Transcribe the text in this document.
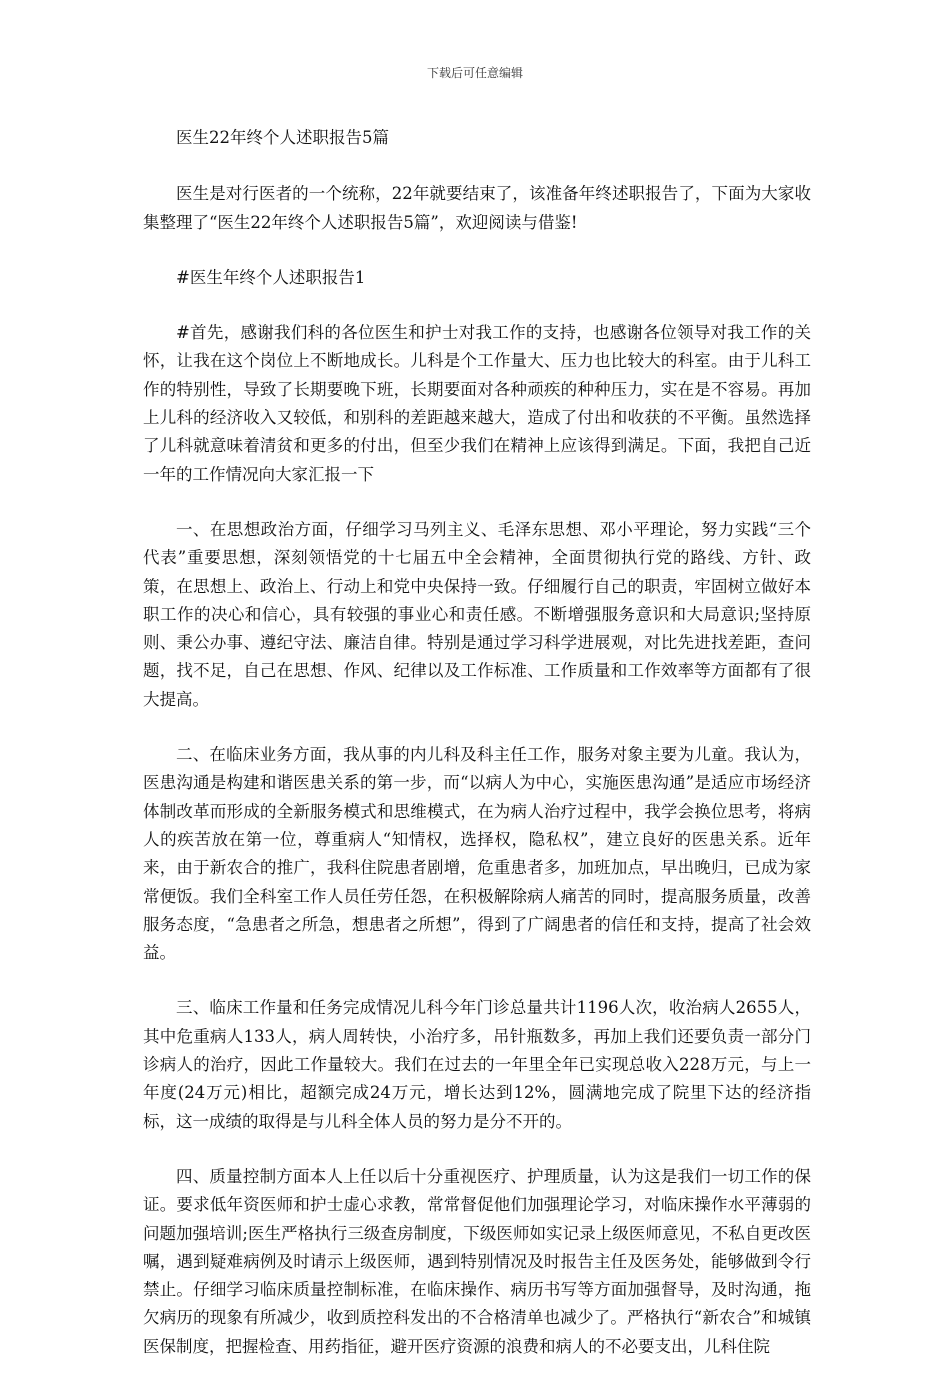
下载后可任意编辑

医生22年终个人述职报告5篇

医生是对行医者的一个统称，22年就要结束了，该准备年终述职报告了，下面为大家收集整理了“医生22年终个人述职报告5篇”，欢迎阅读与借鉴!

#医生年终个人述职报告1

#首先，感谢我们科的各位医生和护士对我工作的支持，也感谢各位领导对我工作的关怀，让我在这个岗位上不断地成长。儿科是个工作量大、压力也比较大的科室。由于儿科工作的特别性，导致了长期要晚下班，长期要面对各种顽疾的种种压力，实在是不容易。再加上儿科的经济收入又较低，和别科的差距越来越大，造成了付出和收获的不平衡。虽然选择了儿科就意味着清贫和更多的付出，但至少我们在精神上应该得到满足。下面，我把自己近一年的工作情况向大家汇报一下

一、在思想政治方面，仔细学习马列主义、毛泽东思想、邓小平理论，努力实践“三个代表”重要思想，深刻领悟党的十七届五中全会精神，全面贯彻执行党的路线、方针、政策，在思想上、政治上、行动上和党中央保持一致。仔细履行自己的职责，牢固树立做好本职工作的决心和信心，具有较强的事业心和责任感。不断增强服务意识和大局意识;坚持原则、秉公办事、遵纪守法、廉洁自律。特别是通过学习科学进展观，对比先进找差距，查问题，找不足，自己在思想、作风、纪律以及工作标准、工作质量和工作效率等方面都有了很大提高。

二、在临床业务方面，我从事的内儿科及科主任工作，服务对象主要为儿童。我认为，医患沟通是构建和谐医患关系的第一步，而“以病人为中心，实施医患沟通”是适应市场经济体制改革而形成的全新服务模式和思维模式，在为病人治疗过程中，我学会换位思考，将病人的疾苦放在第一位，尊重病人“知情权，选择权，隐私权”，建立良好的医患关系。近年来，由于新农合的推广，我科住院患者剧增，危重患者多，加班加点，早出晚归，已成为家常便饭。我们全科室工作人员任劳任怨，在积极解除病人痛苦的同时，提高服务质量，改善服务态度，“急患者之所急，想患者之所想”，得到了广阔患者的信任和支持，提高了社会效益。

三、临床工作量和任务完成情况儿科今年门诊总量共计1196人次，收治病人2655人，其中危重病人133人，病人周转快，小治疗多，吊针瓶数多，再加上我们还要负责一部分门诊病人的治疗，因此工作量较大。我们在过去的一年里全年已实现总收入228万元，与上一年度(24万元)相比，超额完成24万元，增长达到12%，圆满地完成了院里下达的经济指标，这一成绩的取得是与儿科全体人员的努力是分不开的。

四、质量控制方面本人上任以后十分重视医疗、护理质量，认为这是我们一切工作的保证。要求低年资医师和护士虚心求教，常常督促他们加强理论学习，对临床操作水平薄弱的问题加强培训;医生严格执行三级查房制度，下级医师如实记录上级医师意见，不私自更改医嘱，遇到疑难病例及时请示上级医师，遇到特别情况及时报告主任及医务处，能够做到令行禁止。仔细学习临床质量控制标准，在临床操作、病历书写等方面加强督导，及时沟通，拖欠病历的现象有所减少，收到质控科发出的不合格清单也减少了。严格执行“新农合”和城镇医保制度，把握检查、用药指征，避开医疗资源的浪费和病人的不必要支出，儿科住院
